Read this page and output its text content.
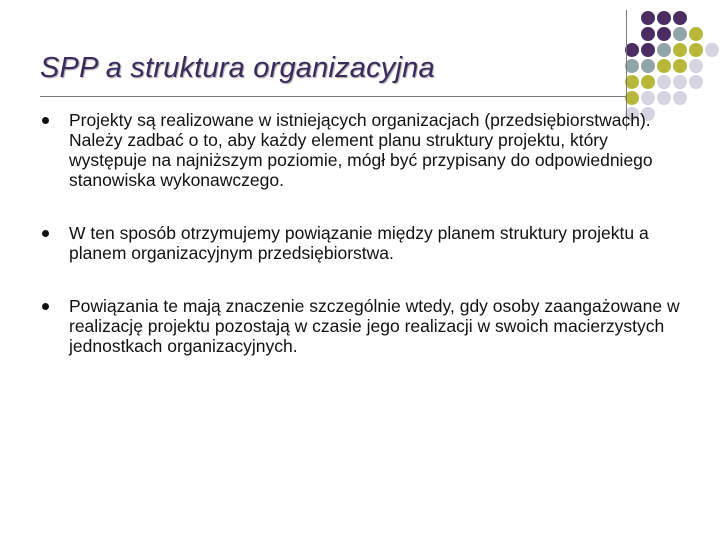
SPP a struktura organizacyjna
Projekty są realizowane w istniejących organizacjach (przedsiębiorstwach). Należy zadbać o to, aby każdy element planu struktury projektu, który występuje na najniższym poziomie, mógł być przypisany do odpowiedniego stanowiska wykonawczego.
W ten sposób otrzymujemy powiązanie między planem struktury projektu a planem organizacyjnym przedsiębiorstwa.
Powiązania te mają znaczenie szczególnie wtedy, gdy osoby zaangażowane w realizację projektu pozostają w czasie jego realizacji w swoich macierzystych jednostkach organizacyjnych.
